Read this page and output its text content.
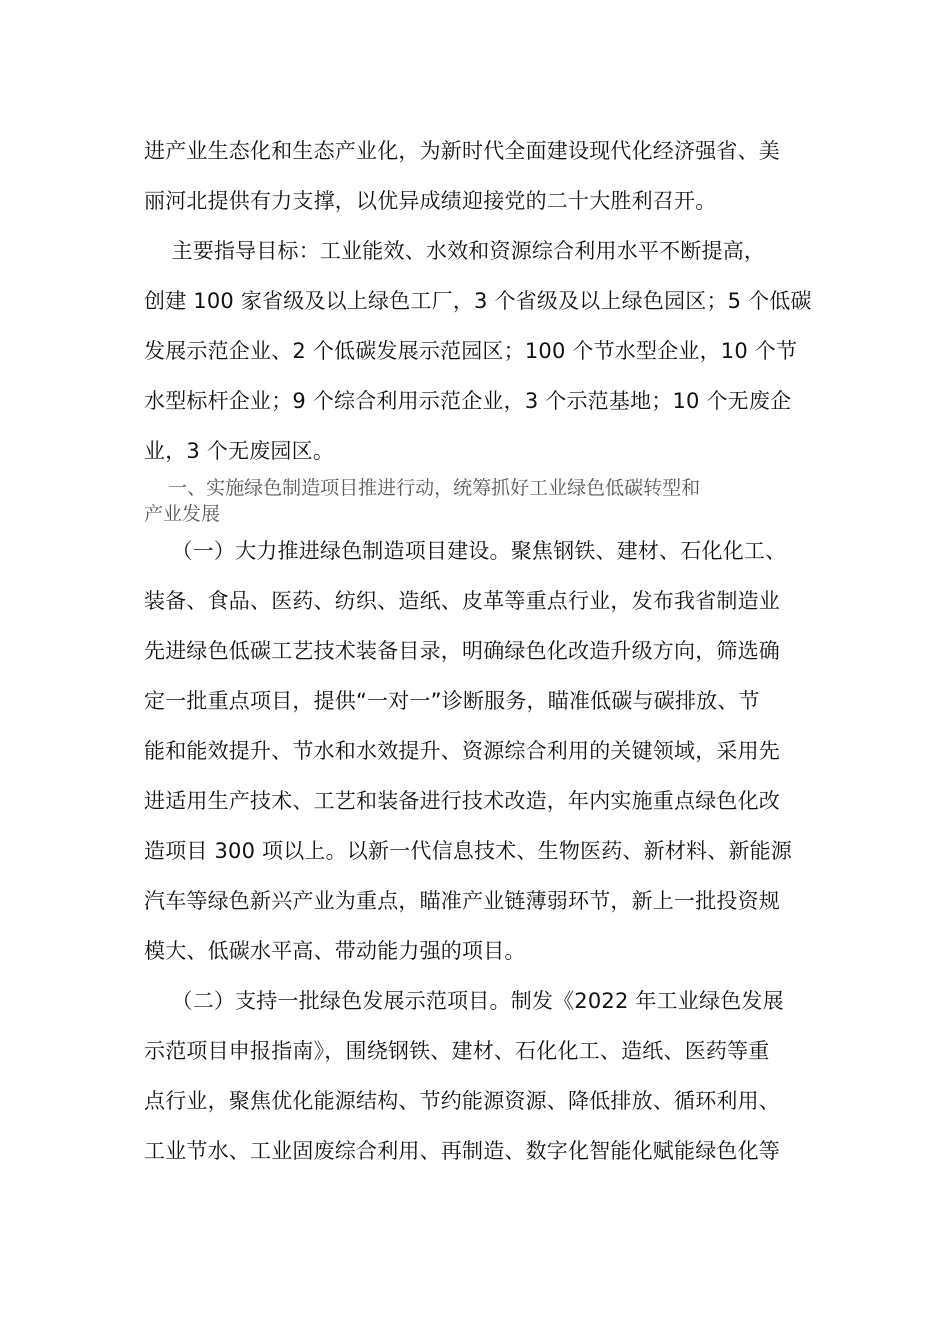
进产业生态化和生态产业化，为新时代全面建设现代化经济强省、美
丽河北提供有力支撑，以优异成绩迎接党的二十大胜利召开。
主要指导目标：工业能效、水效和资源综合利用水平不断提高，
创建 100 家省级及以上绿色工厂，3 个省级及以上绿色园区；5 个低碳
发展示范企业、2 个低碳发展示范园区；100 个节水型企业，10 个节
水型标杆企业；9 个综合利用示范企业，3 个示范基地；10 个无废企
业，3 个无废园区。
一、实施绿色制造项目推进行动，统筹抓好工业绿色低碳转型和
产业发展
（一）大力推进绿色制造项目建设。聚焦钢铁、建材、石化化工、
装备、食品、医药、纺织、造纸、皮革等重点行业，发布我省制造业
先进绿色低碳工艺技术装备目录，明确绿色化改造升级方向，筛选确
定一批重点项目，提供“一对一”诊断服务，瞄准低碳与碳排放、节
能和能效提升、节水和水效提升、资源综合利用的关键领域，采用先
进适用生产技术、工艺和装备进行技术改造，年内实施重点绿色化改
造项目 300 项以上。以新一代信息技术、生物医药、新材料、新能源
汽车等绿色新兴产业为重点，瞄准产业链薄弱环节，新上一批投资规
模大、低碳水平高、带动能力强的项目。
（二）支持一批绿色发展示范项目。制发《2022 年工业绿色发展
示范项目申报指南》，围绕钢铁、建材、石化化工、造纸、医药等重
点行业，聚焦优化能源结构、节约能源资源、降低排放、循环利用、
工业节水、工业固废综合利用、再制造、数字化智能化赋能绿色化等
